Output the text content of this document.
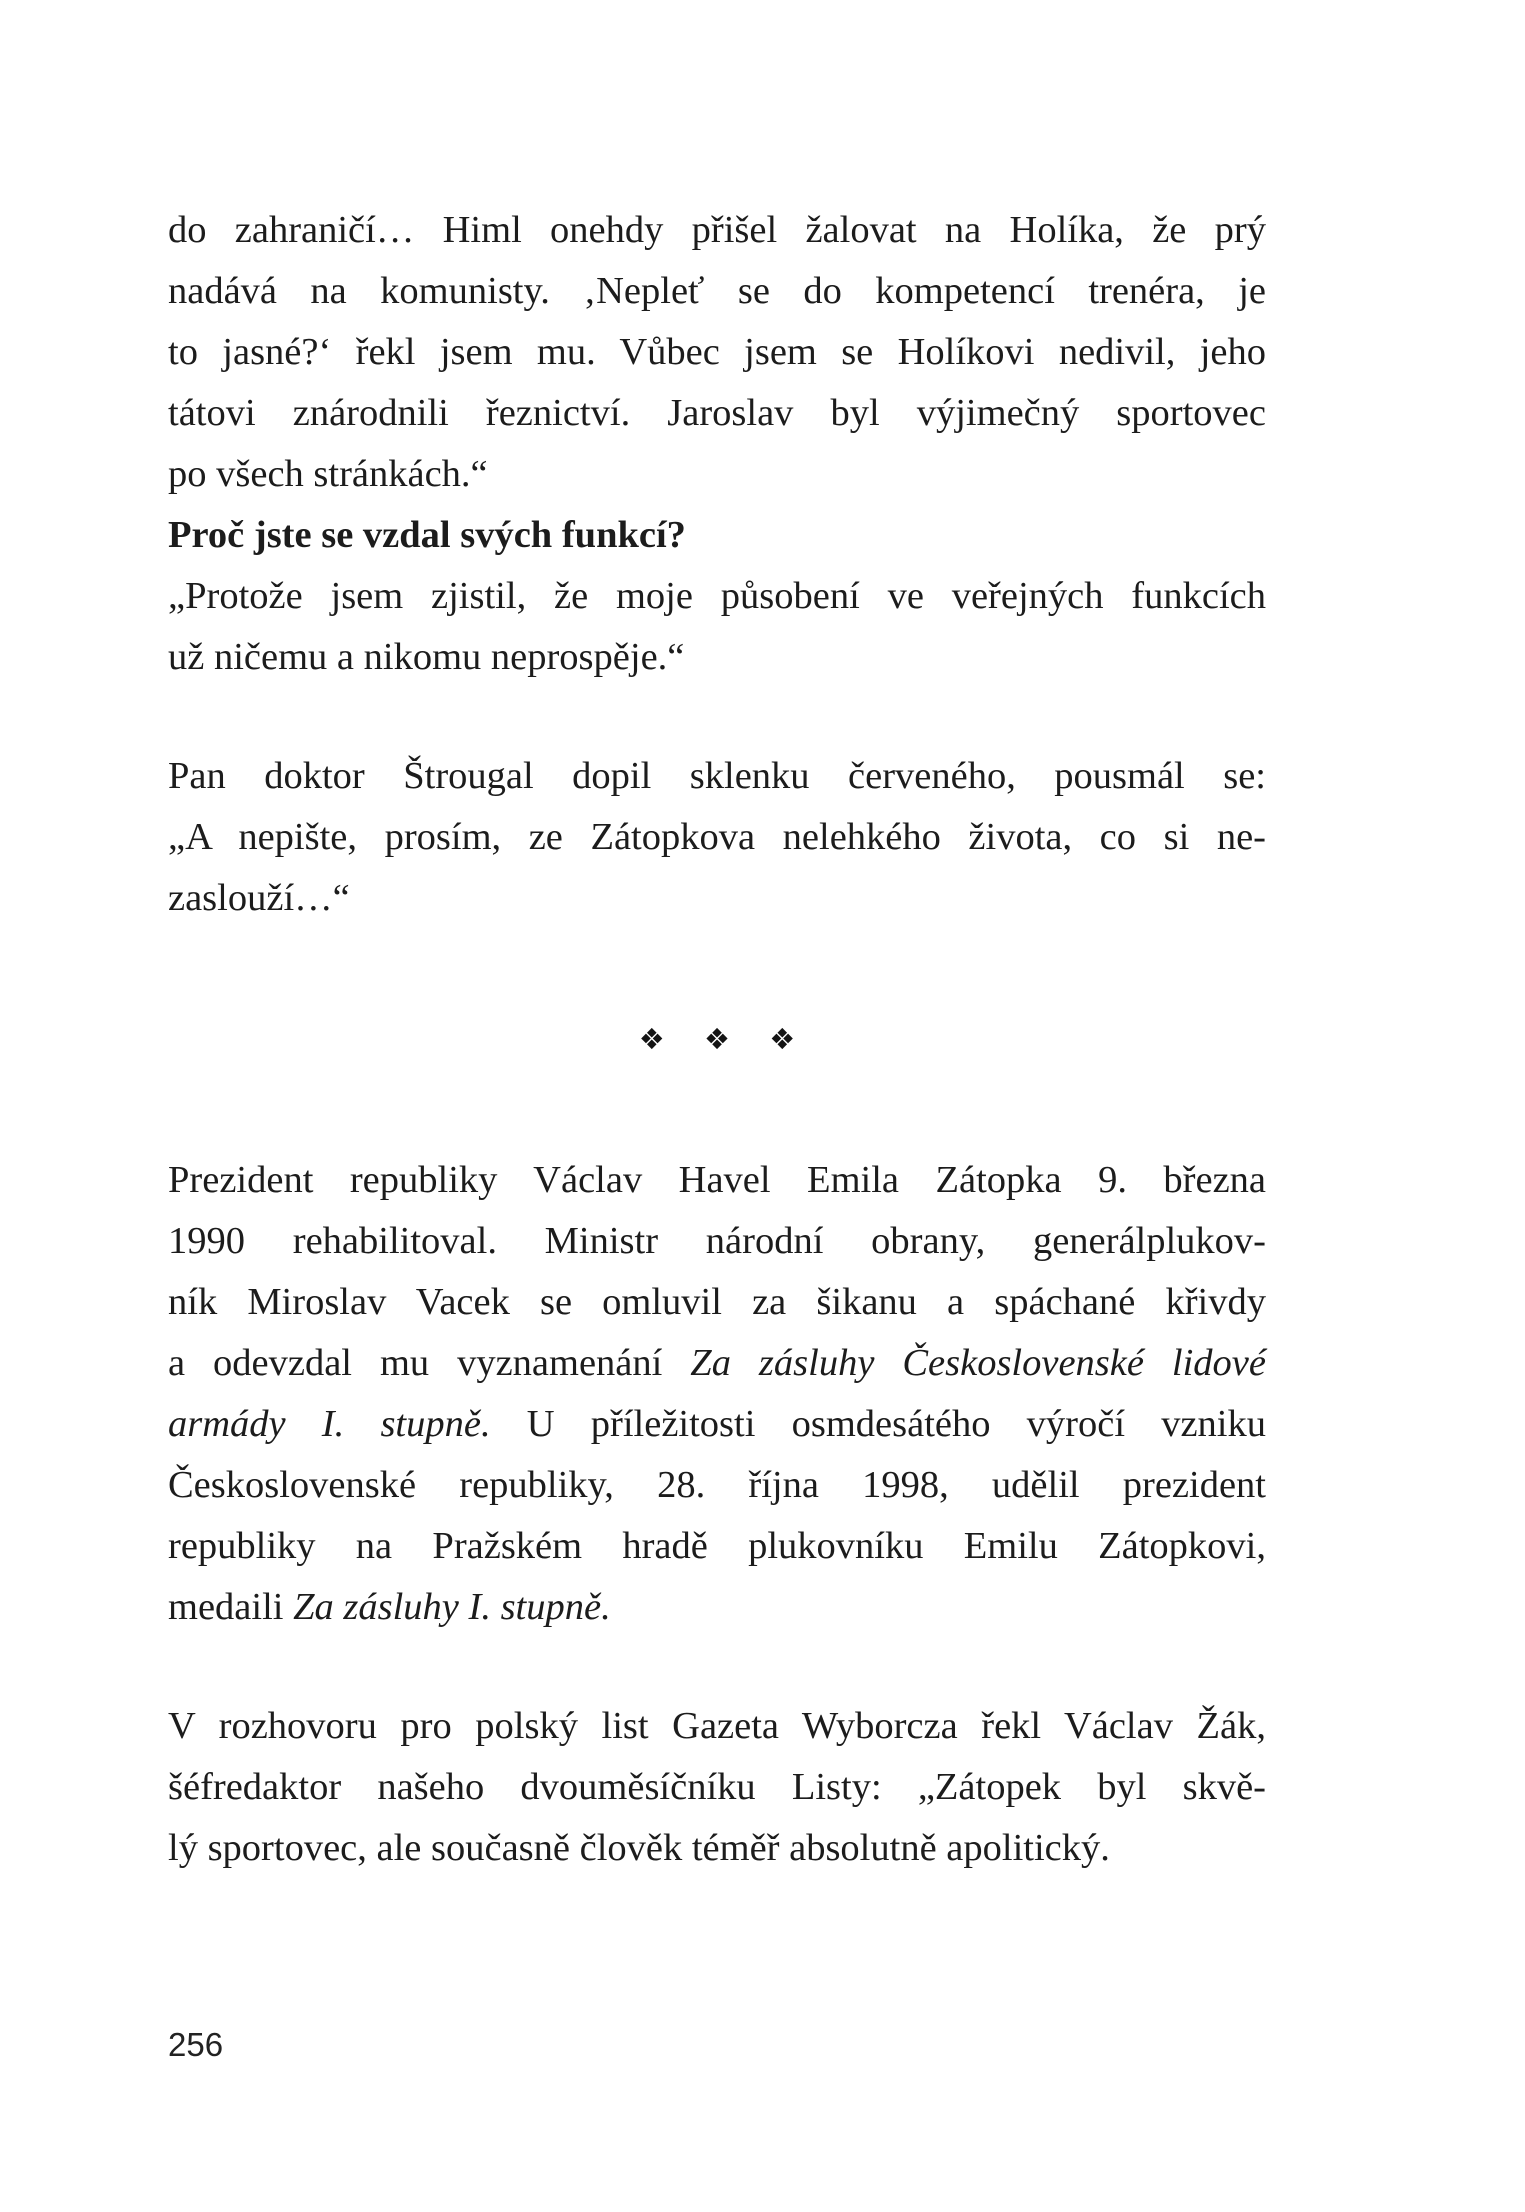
do zahraničí… Himl onehdy přišel žalovat na Holíka, že prý
nadává na komunisty. ‚Nepleť se do kompetencí trenéra, je
to jasné?‘ řekl jsem mu. Vůbec jsem se Holíkovi nedivil, jeho
tátovi znárodnili řeznictví. Jaroslav byl výjimečný sportovec
po všech stránkách.“
Proč jste se vzdal svých funkcí?
„Protože jsem zjistil, že moje působení ve veřejných funkcích
už ničemu a nikomu neprospěje.“
Pan doktor Štrougal dopil sklenku červeného, pousmál se:
„A nepište, prosím, ze Zátopkova nelehkého života, co si ne-
zaslouží…“
❖ ❖ ❖
Prezident republiky Václav Havel Emila Zátopka 9. března
1990 rehabilitoval. Ministr národní obrany, generálplukov-
ník Miroslav Vacek se omluvil za šikanu a spáchané křivdy
a odevzdal mu vyznamenání Za zásluhy Československé lidové
armády I. stupně. U příležitosti osmdesátého výročí vzniku
Československé republiky, 28. října 1998, udělil prezident
republiky na Pražském hradě plukovníku Emilu Zátopkovi,
medaili Za zásluhy I. stupně.
V rozhovoru pro polský list Gazeta Wyborcza řekl Václav Žák,
šéfredaktor našeho dvouměsíčníku Listy: „Zátopek byl skvě-
lý sportovec, ale současně člověk téměř absolutně apolitický.
256
